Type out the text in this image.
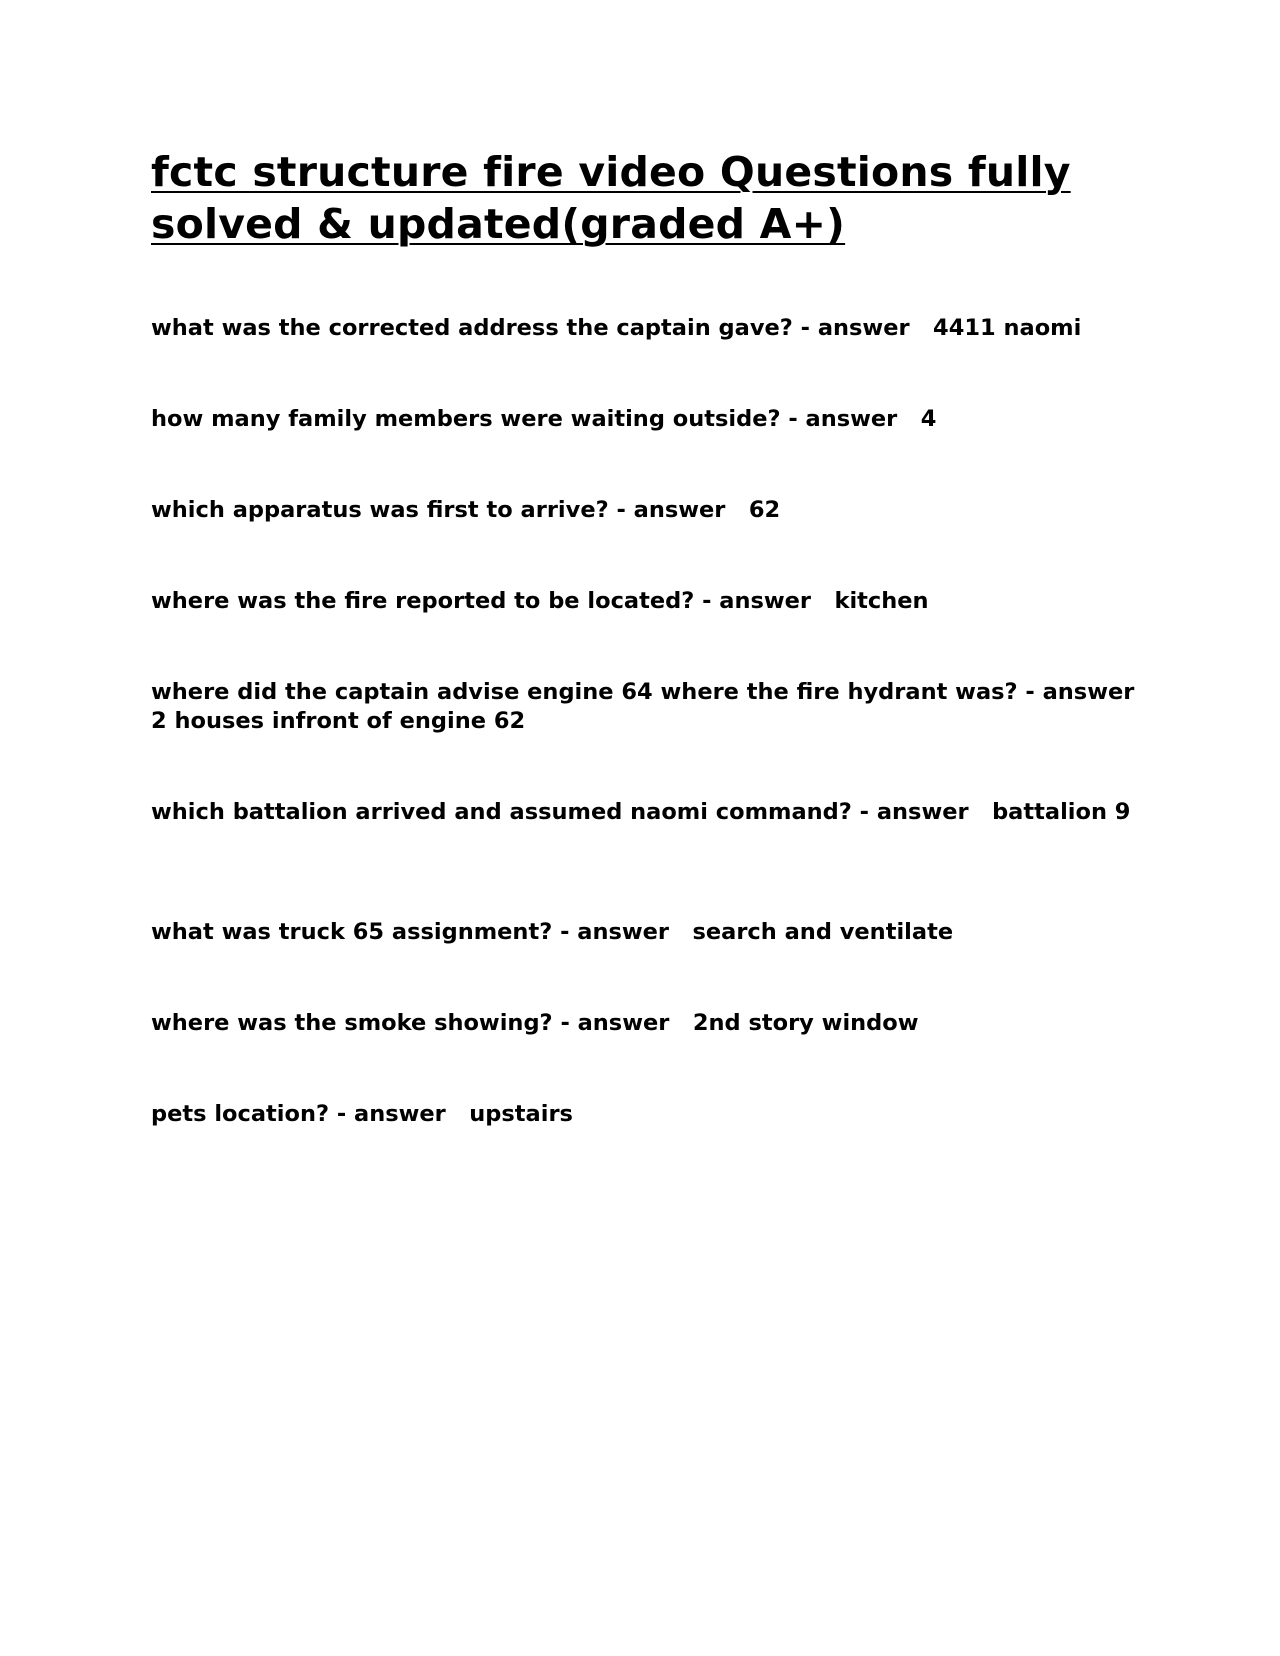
fctc structure fire video Questions fully solved & updated(graded A+)
what was the corrected address the captain gave? - answer   4411 naomi
how many family members were waiting outside? - answer   4
which apparatus was first to arrive? - answer   62
where was the fire reported to be located? - answer   kitchen
where did the captain advise engine 64 where the fire hydrant was? - answer   2 houses infront of engine 62
which battalion arrived and assumed naomi command? - answer   battalion 9
what was truck 65 assignment? - answer   search and ventilate
where was the smoke showing? - answer   2nd story window
pets location? - answer   upstairs
